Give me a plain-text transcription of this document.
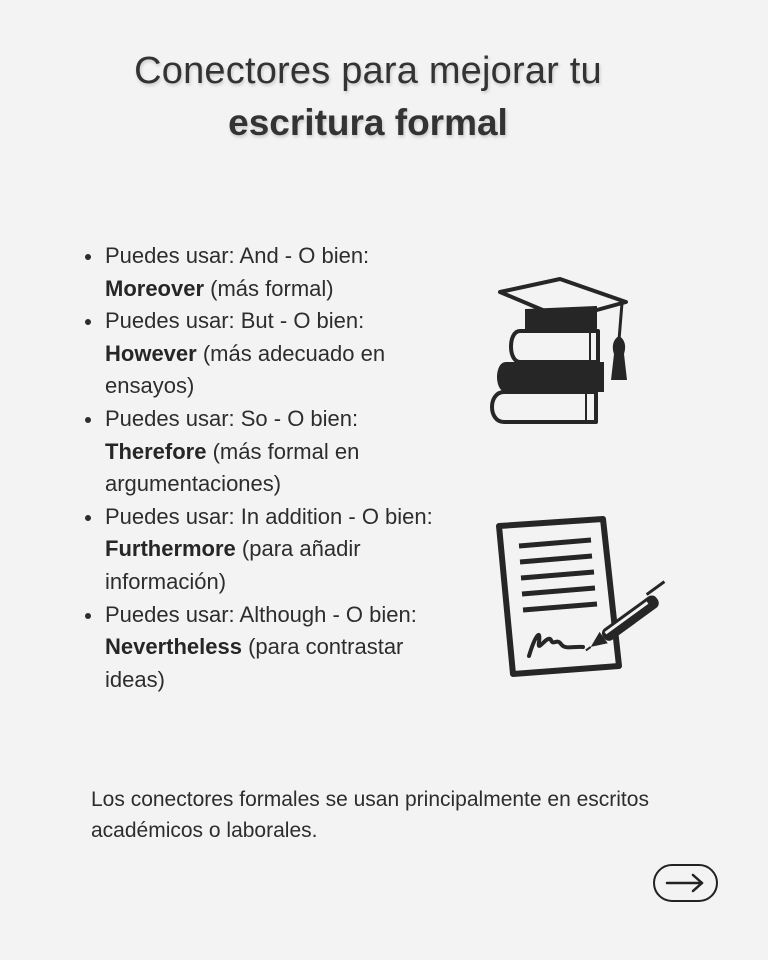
Conectores para mejorar tu
escritura formal
Puedes usar: And - O bien: Moreover (más formal)
Puedes usar: But - O bien: However (más adecuado en ensayos)
Puedes usar: So - O bien: Therefore (más formal en argumentaciones)
Puedes usar: In addition - O bien: Furthermore (para añadir información)
Puedes usar: Although - O bien: Nevertheless (para contrastar ideas)
Los conectores formales se usan principalmente en escritos académicos o laborales.
